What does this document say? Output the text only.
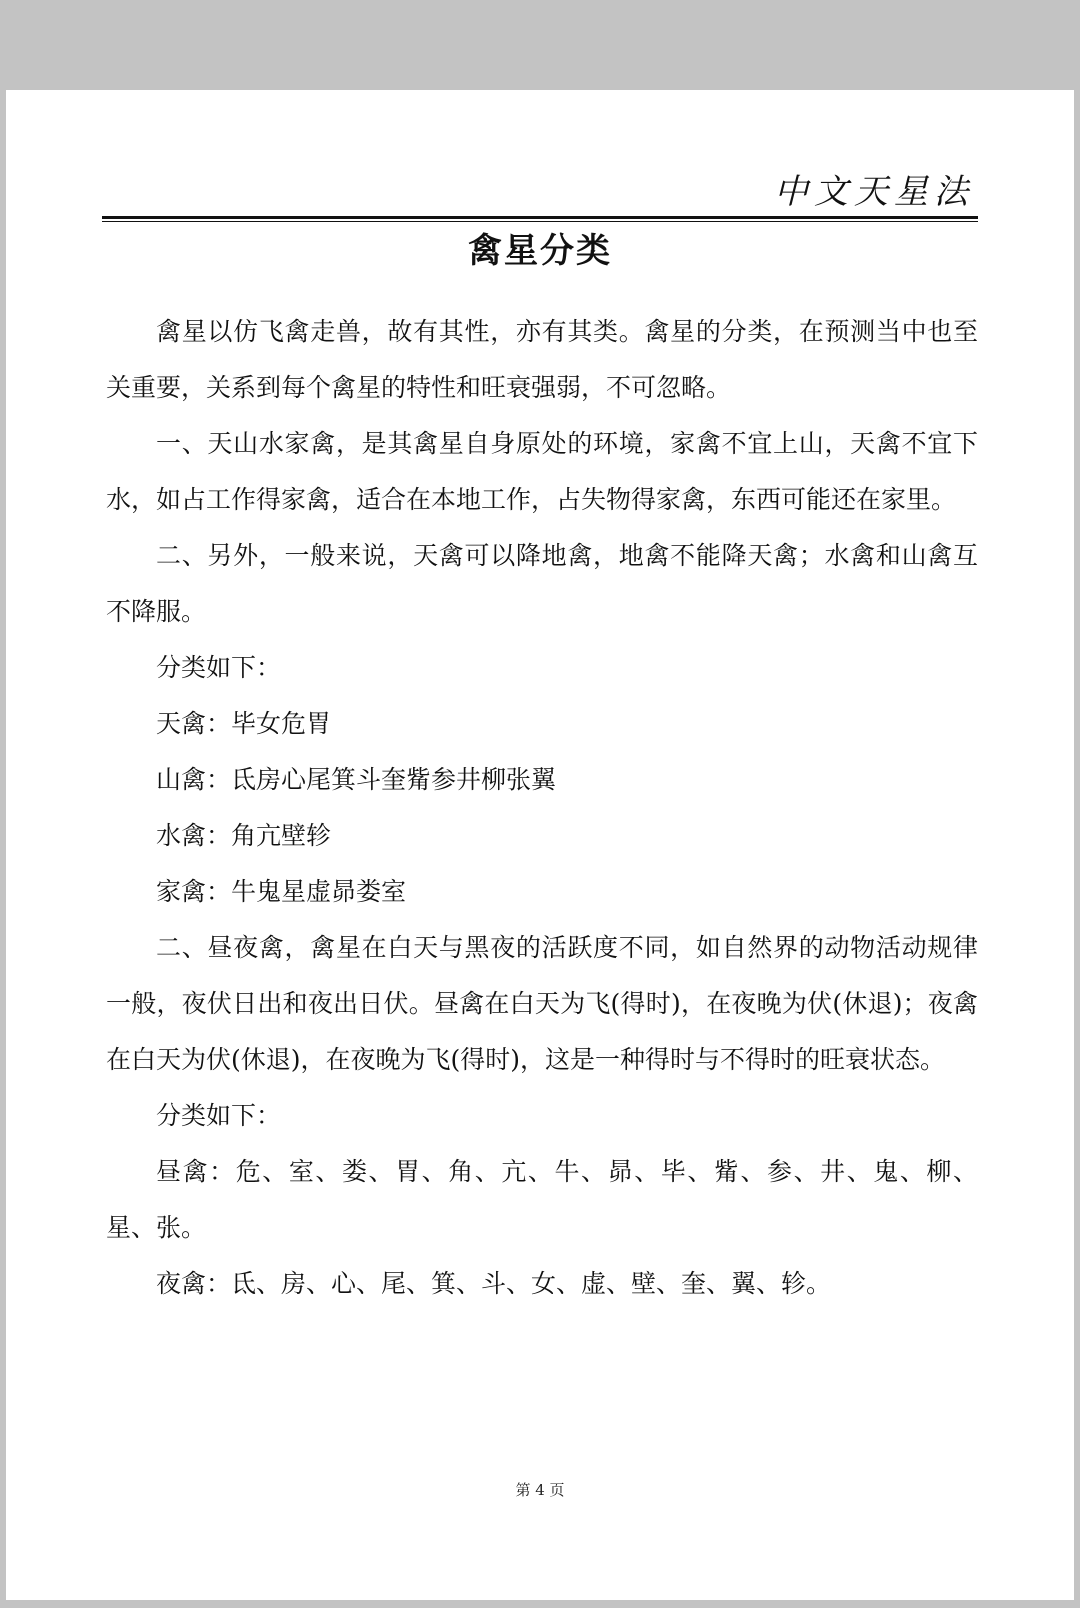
中文天星法
禽星分类

禽星以仿飞禽走兽，故有其性，亦有其类。禽星的分类，在预测当中也至关重要，关系到每个禽星的特性和旺衰强弱，不可忽略。

一、天山水家禽，是其禽星自身原处的环境，家禽不宜上山，天禽不宜下水，如占工作得家禽，适合在本地工作，占失物得家禽，东西可能还在家里。

二、另外，一般来说，天禽可以降地禽，地禽不能降天禽；水禽和山禽互不降服。

分类如下：

天禽：毕女危胃

山禽：氐房心尾箕斗奎觜参井柳张翼

水禽：角亢壁轸

家禽：牛鬼星虚昴娄室

二、昼夜禽，禽星在白天与黑夜的活跃度不同，如自然界的动物活动规律一般，夜伏日出和夜出日伏。昼禽在白天为飞(得时)，在夜晚为伏(休退)；夜禽在白天为伏(休退)，在夜晚为飞(得时)，这是一种得时与不得时的旺衰状态。

分类如下：

昼禽：危、室、娄、胃、角、亢、牛、昴、毕、觜、参、井、鬼、柳、星、张。

夜禽：氐、房、心、尾、箕、斗、女、虚、壁、奎、翼、轸。

第 4 页
